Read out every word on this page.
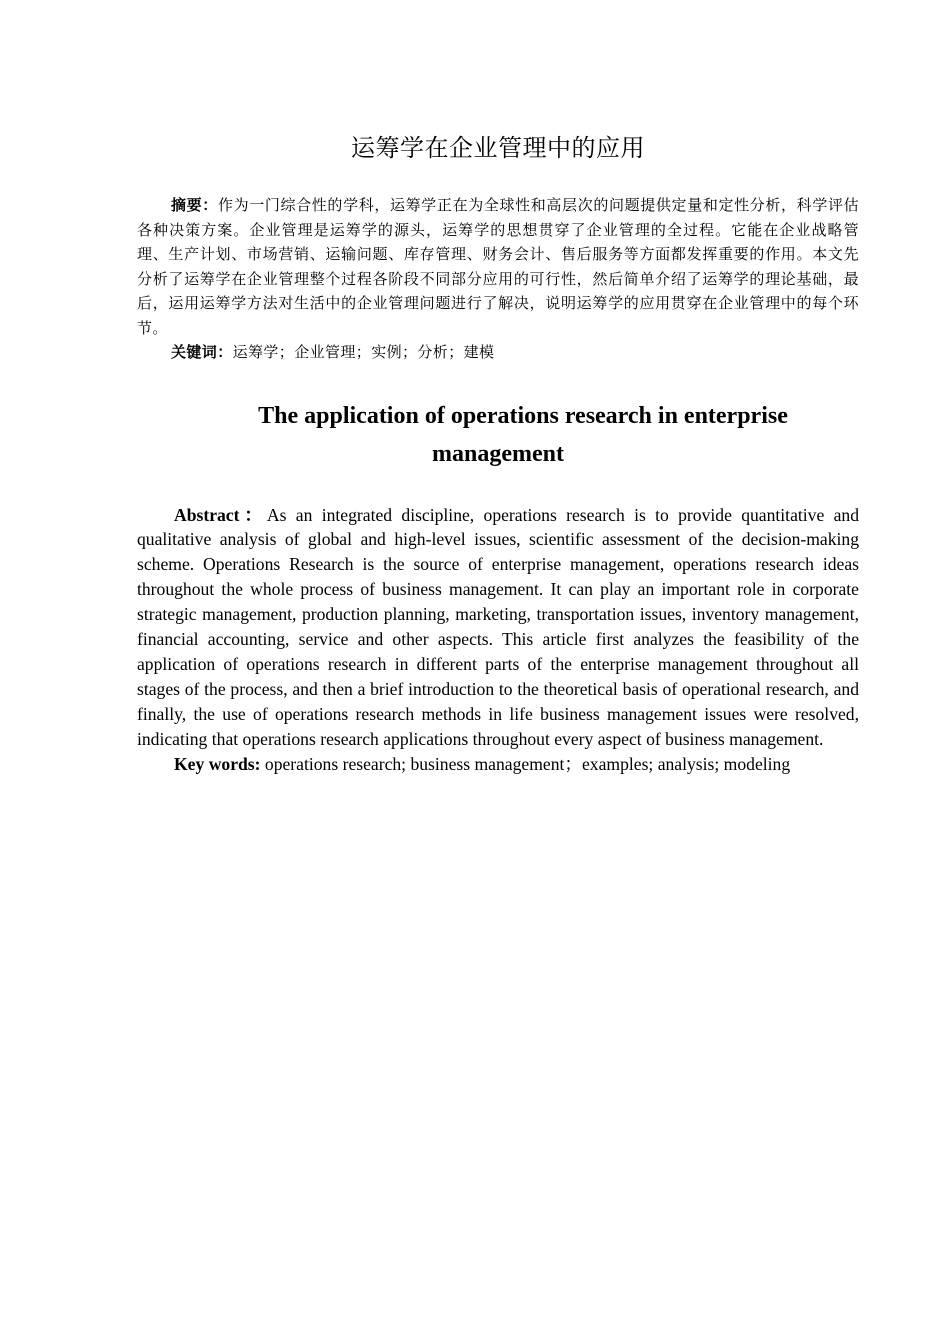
运筹学在企业管理中的应用

摘要：作为一门综合性的学科，运筹学正在为全球性和高层次的问题提供定量和定性分析，科学评估各种决策方案。企业管理是运筹学的源头，运筹学的思想贯穿了企业管理的全过程。它能在企业战略管理、生产计划、市场营销、运输问题、库存管理、财务会计、售后服务等方面都发挥重要的作用。本文先分析了运筹学在企业管理整个过程各阶段不同部分应用的可行性，然后简单介绍了运筹学的理论基础，最后，运用运筹学方法对生活中的企业管理问题进行了解决，说明运筹学的应用贯穿在企业管理中的每个环节。

关键词：运筹学；企业管理；实例；分析；建模

The application of operations research in enterprise
management

Abstract：As an integrated discipline, operations research is to provide quantitative and qualitative analysis of global and high-level issues, scientific assessment of the decision-making scheme. Operations Research is the source of enterprise management, operations research ideas throughout the whole process of business management. It can play an important role in corporate strategic management, production planning, marketing, transportation issues, inventory management, financial accounting, service and other aspects. This article first analyzes the feasibility of the application of operations research in different parts of the enterprise management throughout all stages of the process, and then a brief introduction to the theoretical basis of operational research, and finally, the use of operations research methods in life business management issues were resolved, indicating that operations research applications throughout every aspect of business management.

Key words: operations research; business management；examples; analysis; modeling
